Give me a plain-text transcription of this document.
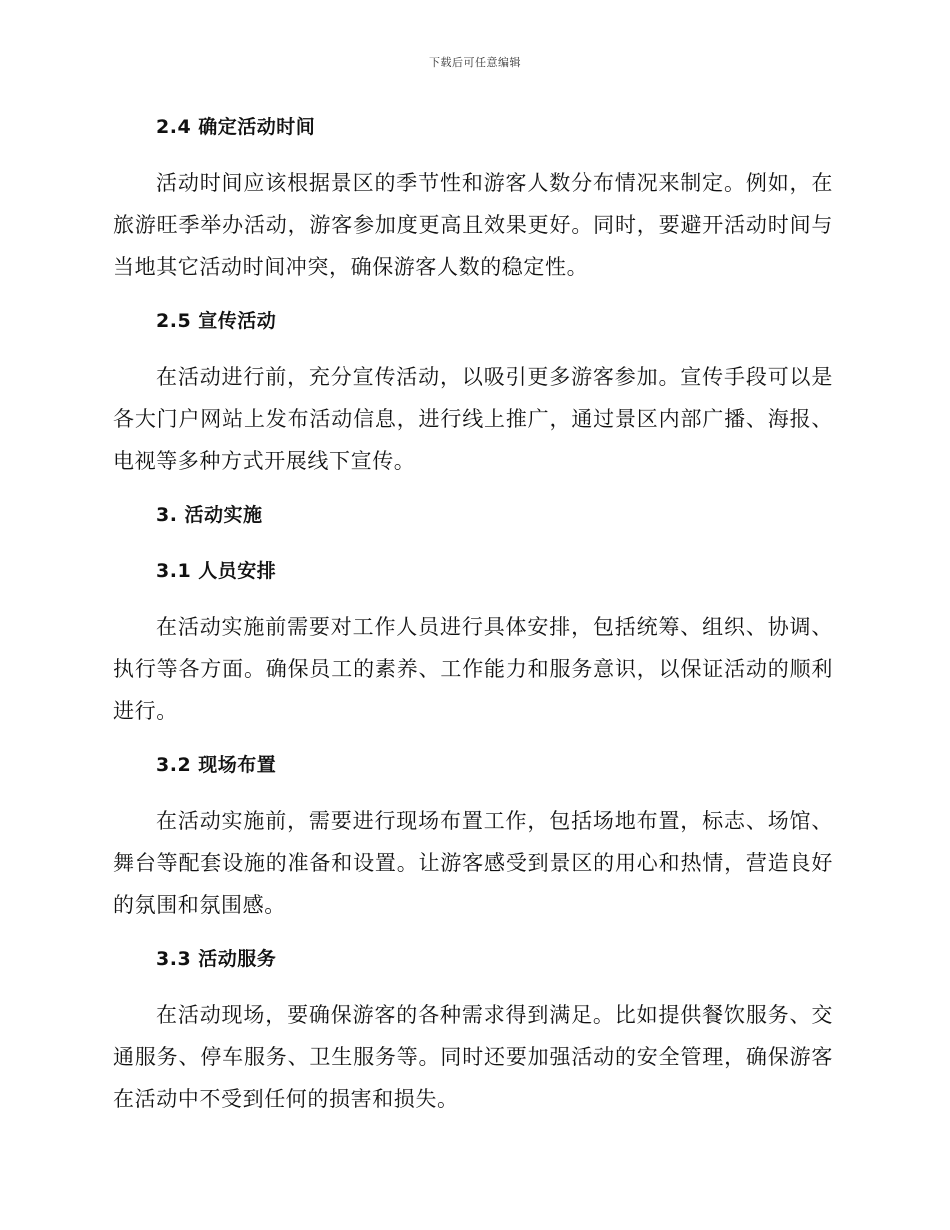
下载后可任意编辑
2.4 确定活动时间

活动时间应该根据景区的季节性和游客人数分布情况来制定。例如，在旅游旺季举办活动，游客参加度更高且效果更好。同时，要避开活动时间与当地其它活动时间冲突，确保游客人数的稳定性。

2.5 宣传活动

在活动进行前，充分宣传活动，以吸引更多游客参加。宣传手段可以是各大门户网站上发布活动信息，进行线上推广，通过景区内部广播、海报、电视等多种方式开展线下宣传。

3. 活动实施
3.1 人员安排

在活动实施前需要对工作人员进行具体安排，包括统筹、组织、协调、执行等各方面。确保员工的素养、工作能力和服务意识，以保证活动的顺利进行。

3.2 现场布置

在活动实施前，需要进行现场布置工作，包括场地布置，标志、场馆、舞台等配套设施的准备和设置。让游客感受到景区的用心和热情，营造良好的氛围和氛围感。

3.3 活动服务

在活动现场，要确保游客的各种需求得到满足。比如提供餐饮服务、交通服务、停车服务、卫生服务等。同时还要加强活动的安全管理，确保游客在活动中不受到任何的损害和损失。
